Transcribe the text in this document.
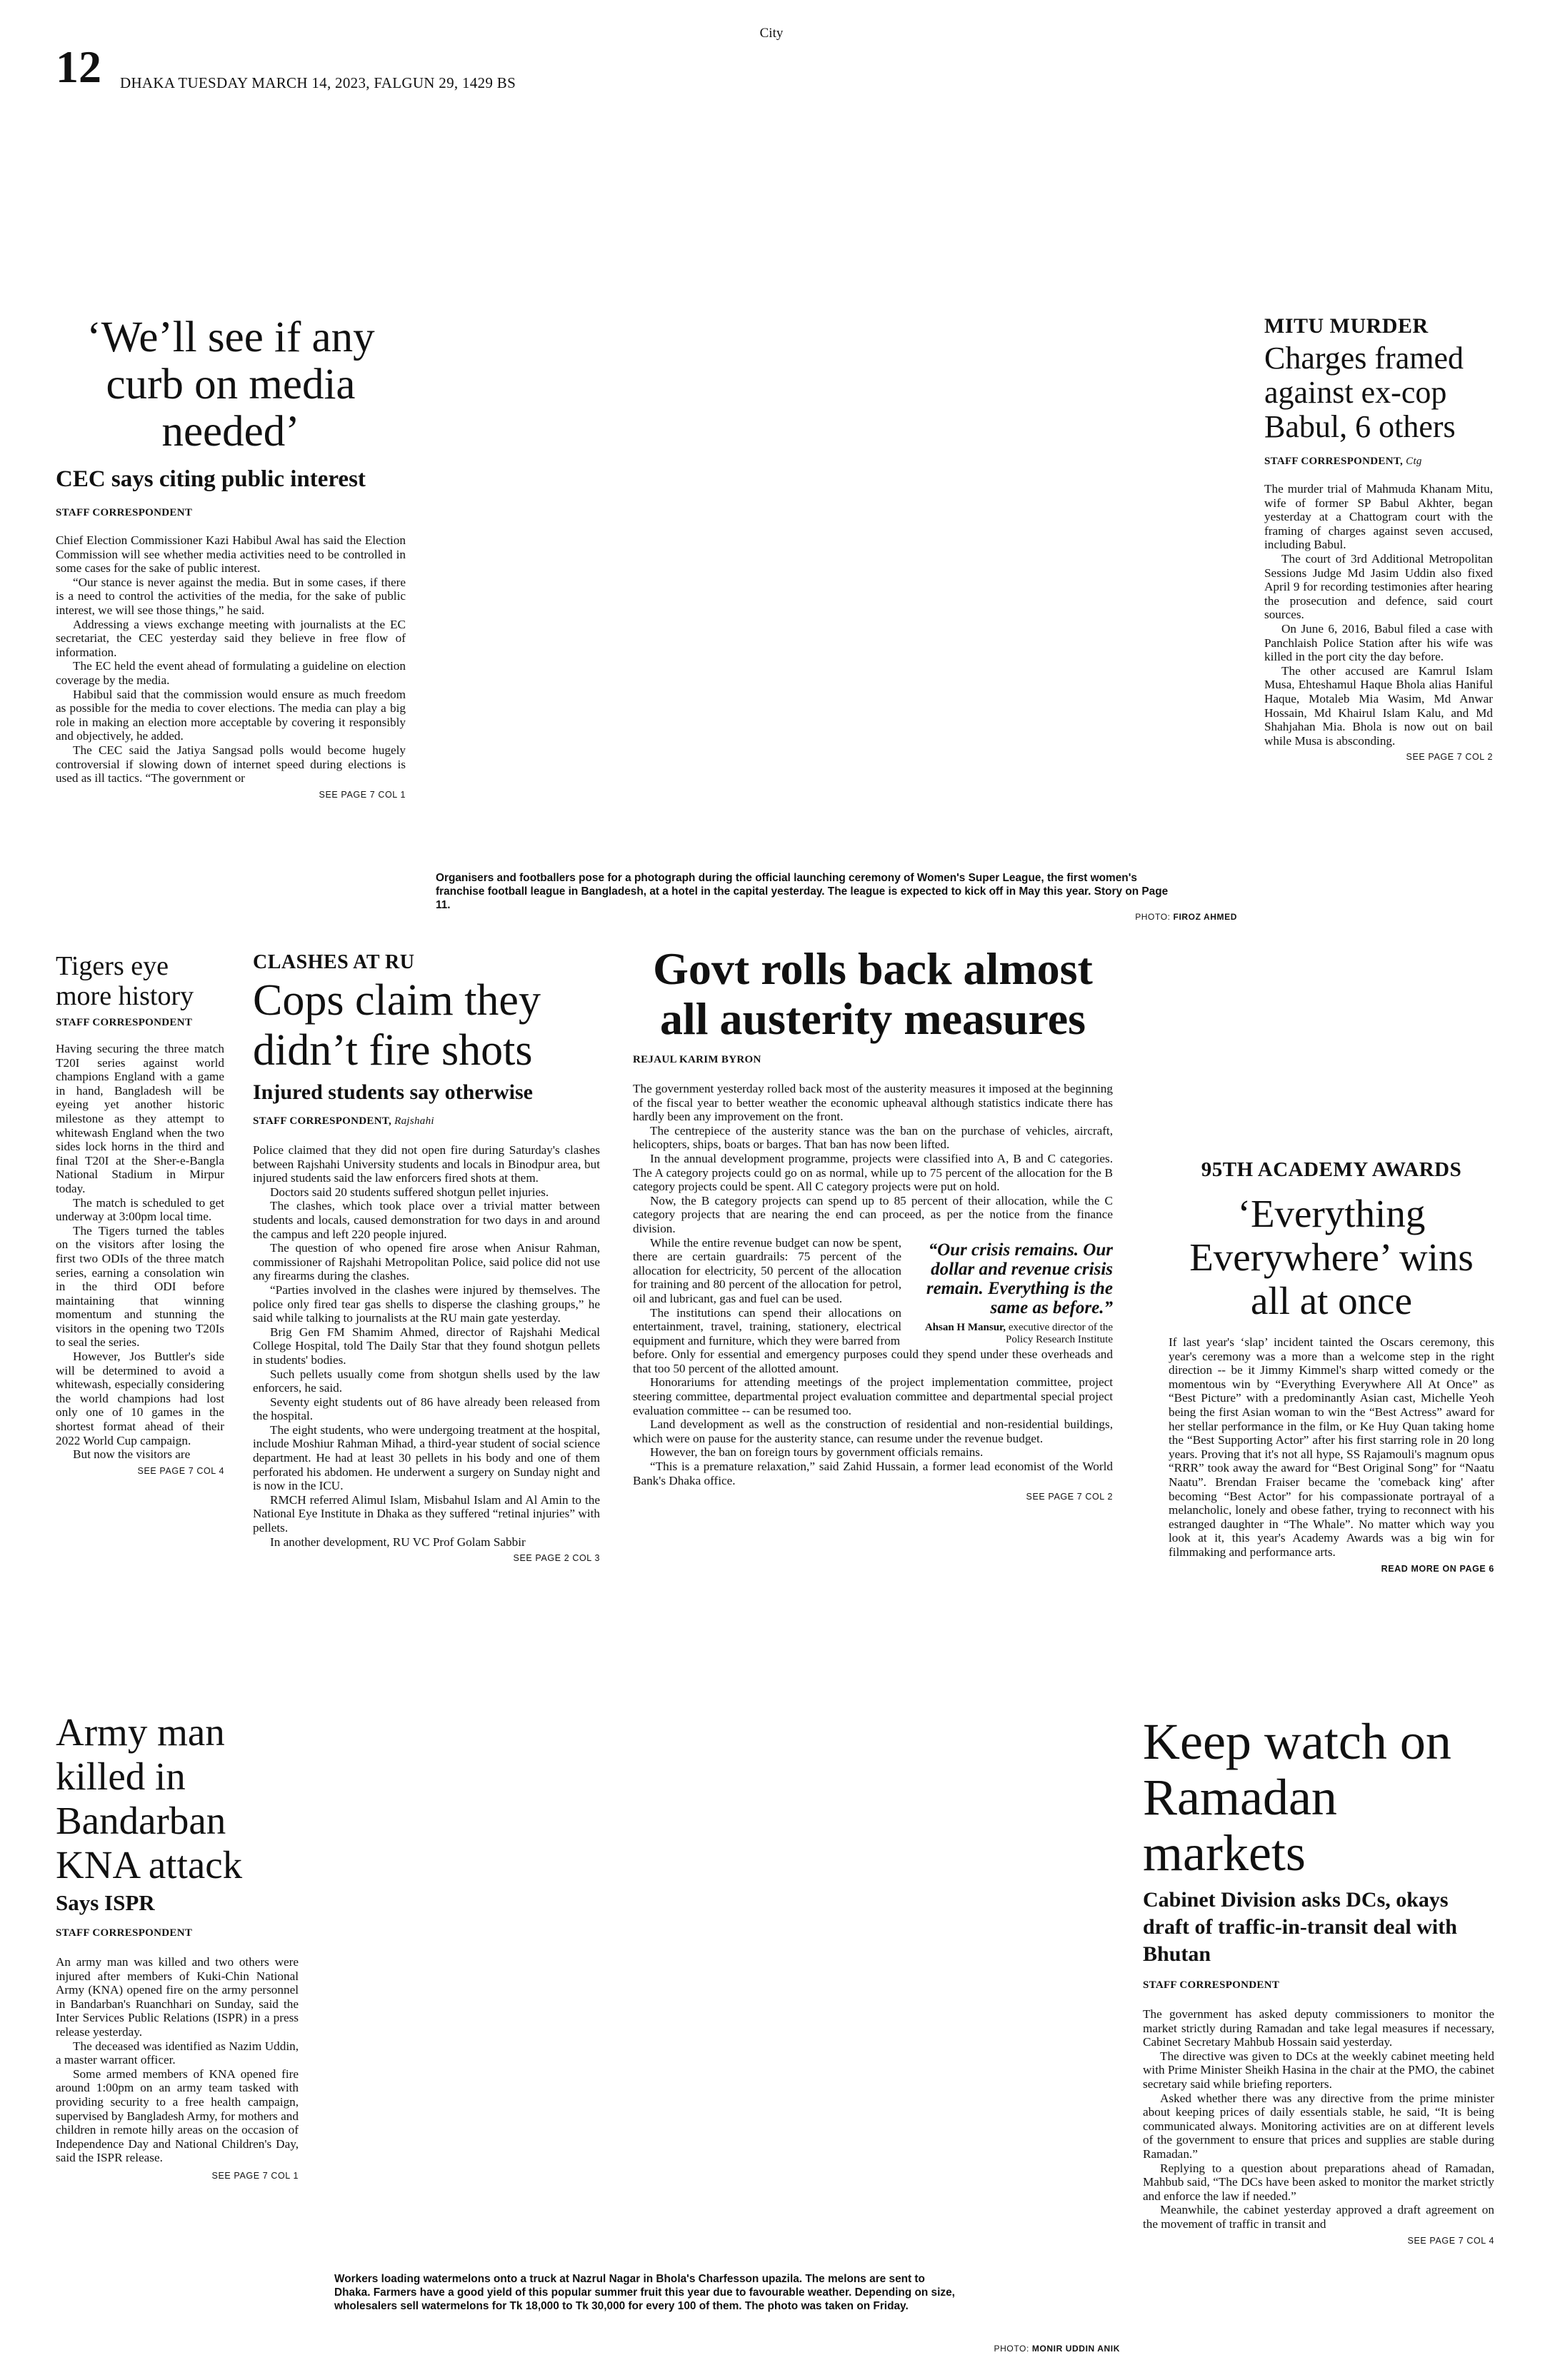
City
12 DHAKA TUESDAY MARCH 14, 2023, FALGUN 29, 1429 BS
‘We’ll see if any curb on media needed’
CEC says citing public interest
STAFF CORRESPONDENT

Chief Election Commissioner Kazi Habibul Awal has said the Election Commission will see whether media activities need to be controlled in some cases for the sake of public interest.

“Our stance is never against the media. But in some cases, if there is a need to control the activities of the media, for the sake of public interest, we will see those things,” he said.

Addressing a views exchange meeting with journalists at the EC secretariat, the CEC yesterday said they believe in free flow of information.

The EC held the event ahead of formulating a guideline on election coverage by the media.

Habibul said that the commission would ensure as much freedom as possible for the media to cover elections. The media can play a big role in making an election more acceptable by covering it responsibly and objectively, he added.

The CEC said the Jatiya Sangsad polls would become hugely controversial if slowing down of internet speed during elections is used as ill tactics. “The government or

SEE PAGE 7 COL 1
Organisers and footballers pose for a photograph during the official launching ceremony of Women's Super League, the first women's franchise football league in Bangladesh, at a hotel in the capital yesterday. The league is expected to kick off in May this year. Story on Page 11.
PHOTO: FIROZ AHMED
MITU MURDER
Charges framed against ex-cop Babul, 6 others
STAFF CORRESPONDENT, Ctg

The murder trial of Mahmuda Khanam Mitu, wife of former SP Babul Akhter, began yesterday at a Chattogram court with the framing of charges against seven accused, including Babul.

The court of 3rd Additional Metropolitan Sessions Judge Md Jasim Uddin also fixed April 9 for recording testimonies after hearing the prosecution and defence, said court sources.

On June 6, 2016, Babul filed a case with Panchlaish Police Station after his wife was killed in the port city the day before.

The other accused are Kamrul Islam Musa, Ehteshamul Haque Bhola alias Haniful Haque, Motaleb Mia Wasim, Md Anwar Hossain, Md Khairul Islam Kalu, and Md Shahjahan Mia. Bhola is now out on bail while Musa is absconding.

SEE PAGE 7 COL 2
Tigers eye more history
STAFF CORRESPONDENT

Having securing the three match T20I series against world champions England with a game in hand, Bangladesh will be eyeing yet another historic milestone as they attempt to whitewash England when the two sides lock horns in the third and final T20I at the Sher-e-Bangla National Stadium in Mirpur today.

The match is scheduled to get underway at 3:00pm local time.

The Tigers turned the tables on the visitors after losing the first two ODIs of the three match series, earning a consolation win in the third ODI before maintaining that winning momentum and stunning the visitors in the opening two T20Is to seal the series.

However, Jos Buttler's side will be determined to avoid a whitewash, especially considering the world champions had lost only one of 10 games in the shortest format ahead of their 2022 World Cup campaign.

But now the visitors are

SEE PAGE 7 COL 4
CLASHES AT RU
Cops claim they didn’t fire shots
Injured students say otherwise
STAFF CORRESPONDENT, Rajshahi

Police claimed that they did not open fire during Saturday's clashes between Rajshahi University students and locals in Binodpur area, but injured students said the law enforcers fired shots at them.

Doctors said 20 students suffered shotgun pellet injuries.

The clashes, which took place over a trivial matter between students and locals, caused demonstration for two days in and around the campus and left 220 people injured.

The question of who opened fire arose when Anisur Rahman, commissioner of Rajshahi Metropolitan Police, said police did not use any firearms during the clashes.

“Parties involved in the clashes were injured by themselves. The police only fired tear gas shells to disperse the clashing groups,” he said while talking to journalists at the RU main gate yesterday.

Brig Gen FM Shamim Ahmed, director of Rajshahi Medical College Hospital, told The Daily Star that they found shotgun pellets in students' bodies.

Such pellets usually come from shotgun shells used by the law enforcers, he said.

Seventy eight students out of 86 have already been released from the hospital.

The eight students, who were undergoing treatment at the hospital, include Moshiur Rahman Mihad, a third-year student of social science department. He had at least 30 pellets in his body and one of them perforated his abdomen. He underwent a surgery on Sunday night and is now in the ICU.

RMCH referred Alimul Islam, Misbahul Islam and Al Amin to the National Eye Institute in Dhaka as they suffered “retinal injuries” with pellets.

In another development, RU VC Prof Golam Sabbir

SEE PAGE 2 COL 3
Govt rolls back almost all austerity measures
REJAUL KARIM BYRON

The government yesterday rolled back most of the austerity measures it imposed at the beginning of the fiscal year to better weather the economic upheaval although statistics indicate there has hardly been any improvement on the front.

The centrepiece of the austerity stance was the ban on the purchase of vehicles, aircraft, helicopters, ships, boats or barges. That ban has now been lifted.

In the annual development programme, projects were classified into A, B and C categories. The A category projects could go on as normal, while up to 75 percent of the allocation for the B category projects could be spent. All C category projects were put on hold.

Now, the B category projects can spend up to 85 percent of their allocation, while the C category projects that are nearing the end can proceed, as per the notice from the finance division.

While the entire revenue budget can now be spent, there are certain guardrails: 75 percent of the allocation for electricity, 50 percent of the allocation for training and 80 percent of the allocation for petrol, oil and lubricant, gas and fuel can be used.

The institutions can spend their allocations on entertainment, travel, training, stationery, electrical equipment and furniture, which they were barred from

“Our crisis remains. Our dollar and revenue crisis remain. Everything is the same as before.”
Ahsan H Mansur, executive director of the Policy Research Institute

before. Only for essential and emergency purposes could they spend under these overheads and that too 50 percent of the allotted amount.

Honorariums for attending meetings of the project implementation committee, project steering committee, departmental project evaluation committee and departmental special project evaluation committee -- can be resumed too.

Land development as well as the construction of residential and non-residential buildings, which were on pause for the austerity stance, can resume under the revenue budget.

However, the ban on foreign tours by government officials remains.

“This is a premature relaxation,” said Zahid Hussain, a former lead economist of the World Bank's Dhaka office.

SEE PAGE 7 COL 2
95TH ACADEMY AWARDS
‘Everything Everywhere’ wins all at once

If last year's ‘slap’ incident tainted the Oscars ceremony, this year's ceremony was a more than a welcome step in the right direction -- be it Jimmy Kimmel's sharp witted comedy or the momentous win by “Everything Everywhere All At Once” as “Best Picture” with a predominantly Asian cast, Michelle Yeoh being the first Asian woman to win the “Best Actress” award for her stellar performance in the film, or Ke Huy Quan taking home the “Best Supporting Actor” after his first starring role in 20 long years. Proving that it's not all hype, SS Rajamouli's magnum opus “RRR” took away the award for “Best Original Song” for “Naatu Naatu”. Brendan Fraiser became the 'comeback king' after becoming “Best Actor” for his compassionate portrayal of a melancholic, lonely and obese father, trying to reconnect with his estranged daughter in “The Whale”. No matter which way you look at it, this year's Academy Awards was a big win for filmmaking and performance arts.

READ MORE ON PAGE 6
Army man killed in Bandarban KNA attack
Says ISPR
STAFF CORRESPONDENT

An army man was killed and two others were injured after members of Kuki-Chin National Army (KNA) opened fire on the army personnel in Bandarban's Ruanchhari on Sunday, said the Inter Services Public Relations (ISPR) in a press release yesterday.

The deceased was identified as Nazim Uddin, a master warrant officer.

Some armed members of KNA opened fire around 1:00pm on an army team tasked with providing security to a free health campaign, supervised by Bangladesh Army, for mothers and children in remote hilly areas on the occasion of Independence Day and National Children's Day, said the ISPR release.

SEE PAGE 7 COL 1
Workers loading watermelons onto a truck at Nazrul Nagar in Bhola's Charfesson upazila. The melons are sent to Dhaka. Farmers have a good yield of this popular summer fruit this year due to favourable weather. Depending on size, wholesalers sell watermelons for Tk 18,000 to Tk 30,000 for every 100 of them. The photo was taken on Friday.
PHOTO: MONIR UDDIN ANIK
Keep watch on Ramadan markets
Cabinet Division asks DCs, okays draft of traffic-in-transit deal with Bhutan
STAFF CORRESPONDENT

The government has asked deputy commissioners to monitor the market strictly during Ramadan and take legal measures if necessary, Cabinet Secretary Mahbub Hossain said yesterday.

The directive was given to DCs at the weekly cabinet meeting held with Prime Minister Sheikh Hasina in the chair at the PMO, the cabinet secretary said while briefing reporters.

Asked whether there was any directive from the prime minister about keeping prices of daily essentials stable, he said, “It is being communicated always. Monitoring activities are on at different levels of the government to ensure that prices and supplies are stable during Ramadan.”

Replying to a question about preparations ahead of Ramadan, Mahbub said, “The DCs have been asked to monitor the market strictly and enforce the law if needed.”

Meanwhile, the cabinet yesterday approved a draft agreement on the movement of traffic in transit and

SEE PAGE 7 COL 4
